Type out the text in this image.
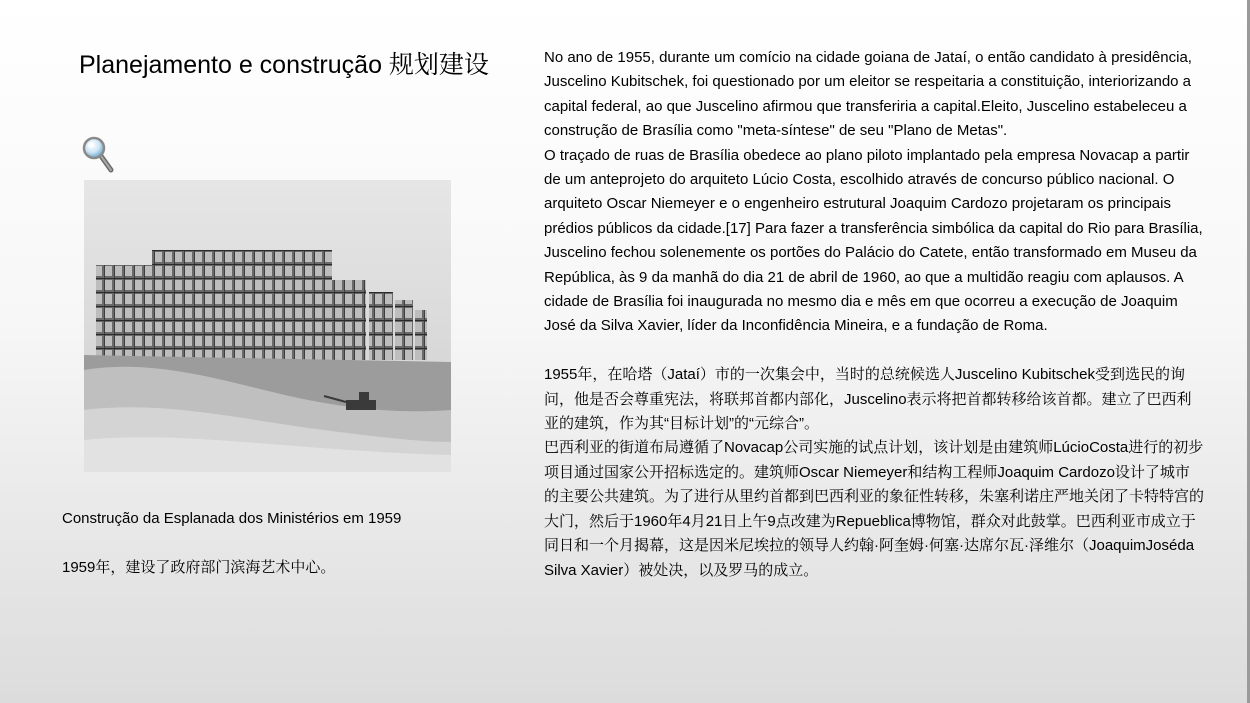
Planejamento e construção 规划建设
Construção da Esplanada dos Ministérios em 1959
1959年，建设了政府部门滨海艺术中心。

No ano de 1955, durante um comício na cidade goiana de Jataí, o então candidato à presidência, Juscelino Kubitschek, foi questionado por um eleitor se respeitaria a constituição, interiorizando a capital federal, ao que Juscelino afirmou que transferiria a capital.Eleito, Juscelino estabeleceu a construção de Brasília como "meta-síntese" de seu "Plano de Metas".

O traçado de ruas de Brasília obedece ao plano piloto implantado pela empresa Novacap a partir de um anteprojeto do arquiteto Lúcio Costa, escolhido através de concurso público nacional. O arquiteto Oscar Niemeyer e o engenheiro estrutural Joaquim Cardozo projetaram os principais prédios públicos da cidade.[17] Para fazer a transferência simbólica da capital do Rio para Brasília, Juscelino fechou solenemente os portões do Palácio do Catete, então transformado em Museu da República, às 9 da manhã do dia 21 de abril de 1960, ao que a multidão reagiu com aplausos. A cidade de Brasília foi inaugurada no mesmo dia e mês em que ocorreu a execução de Joaquim José da Silva Xavier, líder da Inconfidência Mineira, e a fundação de Roma.

1955年，在哈塔（Jataí）市的一次集会中，当时的总统候选人Juscelino Kubitschek受到选民的询问，他是否会尊重宪法，将联邦首都内部化，Juscelino表示将把首都转移给该首都。建立了巴西利亚的建筑，作为其“目标计划”的“元综合”。

巴西利亚的街道布局遵循了Novacap公司实施的试点计划，该计划是由建筑师LúcioCosta进行的初步项目通过国家公开招标选定的。建筑师Oscar Niemeyer和结构工程师Joaquim Cardozo设计了城市的主要公共建筑。为了进行从里约首都到巴西利亚的象征性转移，朱塞利诺庄严地关闭了卡特特宫的大门，然后于1960年4月21日上午9点改建为Repueblica博物馆，群众对此鼓掌。巴西利亚市成立于同日和一个月揭幕，这是因米尼埃拉的领导人约翰·阿奎姆·何塞·达席尔瓦·泽维尔（JoaquimJoséda Silva Xavier）被处决，以及罗马的成立。
